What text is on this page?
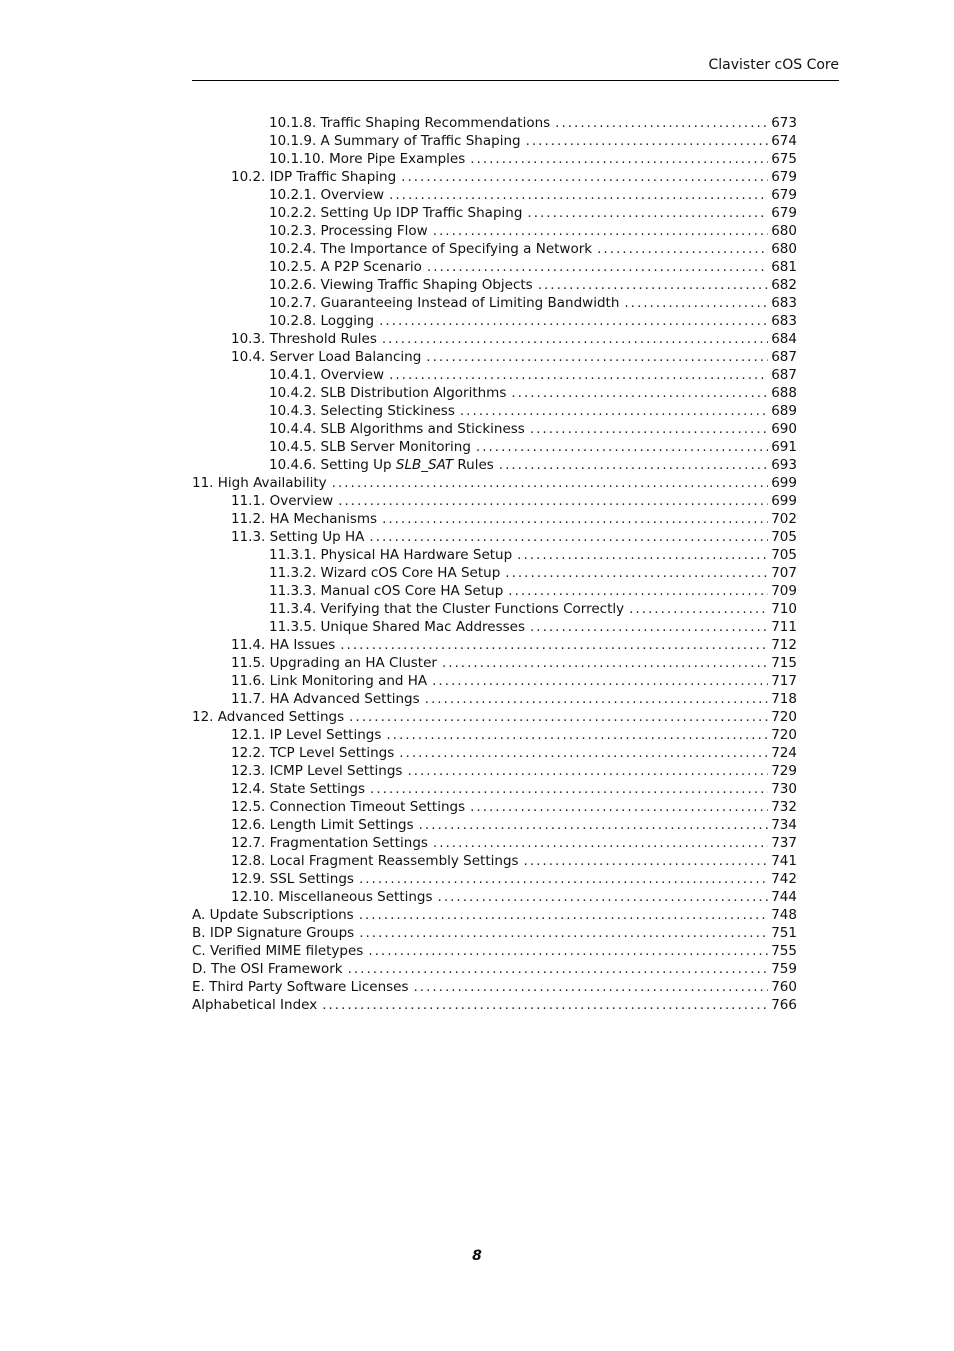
Clavister cOS Core
10.1.8. Traffic Shaping Recommendations .....	673
10.1.9. A Summary of Traffic Shaping .....	674
10.1.10. More Pipe Examples .....	675
10.2. IDP Traffic Shaping .....	679
10.2.1. Overview .....	679
10.2.2. Setting Up IDP Traffic Shaping .....	679
10.2.3. Processing Flow .....	680
10.2.4. The Importance of Specifying a Network .....	680
10.2.5. A P2P Scenario .....	681
10.2.6. Viewing Traffic Shaping Objects .....	682
10.2.7. Guaranteeing Instead of Limiting Bandwidth .....	683
10.2.8. Logging .....	683
10.3. Threshold Rules .....	684
10.4. Server Load Balancing .....	687
10.4.1. Overview .....	687
10.4.2. SLB Distribution Algorithms .....	688
10.4.3. Selecting Stickiness .....	689
10.4.4. SLB Algorithms and Stickiness .....	690
10.4.5. SLB Server Monitoring .....	691
10.4.6. Setting Up SLB_SAT Rules .....	693
11. High Availability .....	699
11.1. Overview .....	699
11.2. HA Mechanisms .....	702
11.3. Setting Up HA .....	705
11.3.1. Physical HA Hardware Setup .....	705
11.3.2. Wizard cOS Core HA Setup .....	707
11.3.3. Manual cOS Core HA Setup .....	709
11.3.4. Verifying that the Cluster Functions Correctly .....	710
11.3.5. Unique Shared Mac Addresses .....	711
11.4. HA Issues .....	712
11.5. Upgrading an HA Cluster .....	715
11.6. Link Monitoring and HA .....	717
11.7. HA Advanced Settings .....	718
12. Advanced Settings .....	720
12.1. IP Level Settings .....	720
12.2. TCP Level Settings .....	724
12.3. ICMP Level Settings .....	729
12.4. State Settings .....	730
12.5. Connection Timeout Settings .....	732
12.6. Length Limit Settings .....	734
12.7. Fragmentation Settings .....	737
12.8. Local Fragment Reassembly Settings .....	741
12.9. SSL Settings .....	742
12.10. Miscellaneous Settings .....	744
A. Update Subscriptions .....	748
B. IDP Signature Groups .....	751
C. Verified MIME filetypes .....	755
D. The OSI Framework .....	759
E. Third Party Software Licenses .....	760
Alphabetical Index .....	766
8
